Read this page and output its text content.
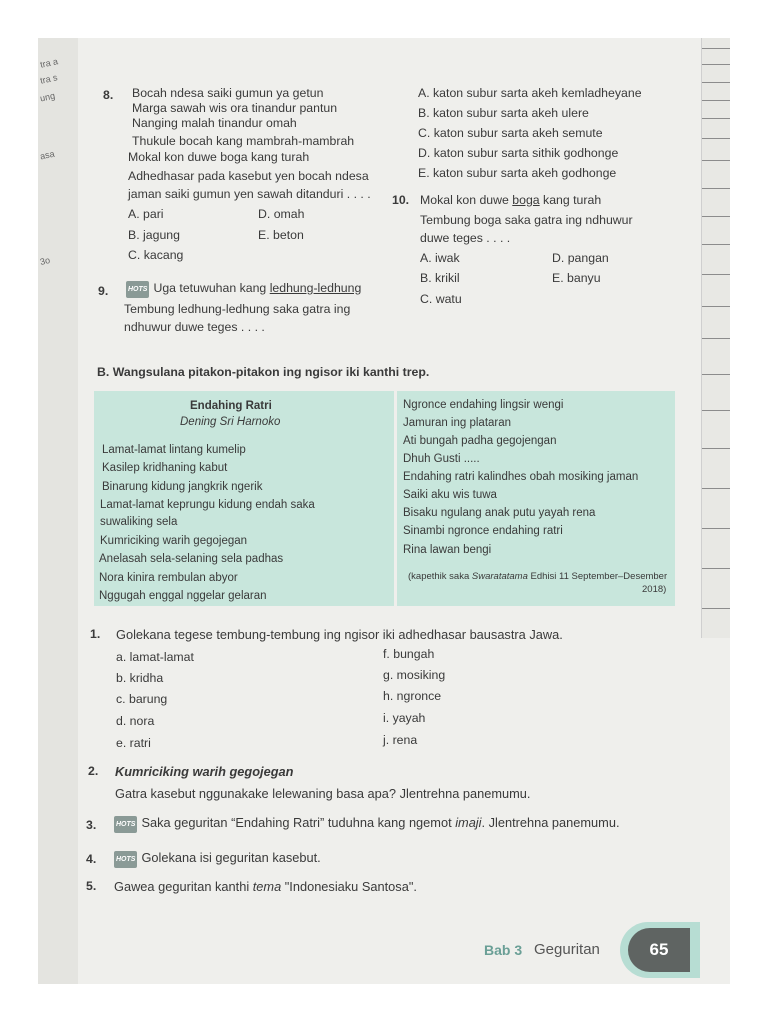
tra a
tra s
ung
asa
3o
8. Bocah ndesa saiki gumun ya getun
Marga sawah wis ora tinandur pantun
Nanging malah tinandur omah
Thukule bocah kang mambrah-mambrah
Mokal kon duwe boga kang turah
Adhedhasar pada kasebut yen bocah ndesa
jaman saiki gumun yen sawah ditanduri . . . .
A. pari	D. omah
B. jagung	E. beton
C. kacang
A. katon subur sarta akeh kemladheyane
B. katon subur sarta akeh ulere
C. katon subur sarta akeh semute
D. katon subur sarta sithik godhonge
E. katon subur sarta akeh godhonge
9.	HOTS Uga tetuwuhan kang ledhung-ledhung
Tembung ledhung-ledhung saka gatra ing
ndhuwur duwe teges . . . .
10. Mokal kon duwe boga kang turah
Tembung boga saka gatra ing ndhuwur
duwe teges . . . .
A. iwak	D. pangan
B. krikil	E. banyu
C. watu
B. Wangsulana pitakon-pitakon ing ngisor iki kanthi trep.
Endahing Ratri
Dening Sri Harnoko
Lamat-lamat lintang kumelip
Kasilep kridhaning kabut
Binarung kidung jangkrik ngerik
Lamat-lamat keprungu kidung endah saka
suwaliking sela
Kumriciking warih gegojegan
Anelasah sela-selaning sela padhas
Nora kinira rembulan abyor
Nggugah enggal nggelar gelaran
Ngronce endahing lingsir wengi
Jamuran ing plataran
Ati bungah padha gegojengan
Dhuh Gusti .....
Endahing ratri kalindhes obah mosiking jaman
Saiki aku wis tuwa
Bisaku ngulang anak putu yayah rena
Sinambi ngronce endahing ratri
Rina lawan bengi
(kapethik saka Swaratatama Edhisi 11 September–Desember
2018)
1. Golekana tegese tembung-tembung ing ngisor iki adhedhasar bausastra Jawa.
a. lamat-lamat
b. kridha
c. barung
d. nora
e. ratri
f. bungah
g. mosiking
h. ngronce
i. yayah
j. rena
2. Kumriciking warih gegojegan
Gatra kasebut nggunakake lelewaning basa apa? Jlentrehna panemumu.
3.	HOTS Saka geguritan “Endahing Ratri” tuduhna kang ngemot imaji. Jlentrehna panemumu.
4.	HOTS Golekana isi geguritan kasebut.
5. Gawea geguritan kanthi tema "Indonesiaku Santosa".
Bab 3 Geguritan	65
